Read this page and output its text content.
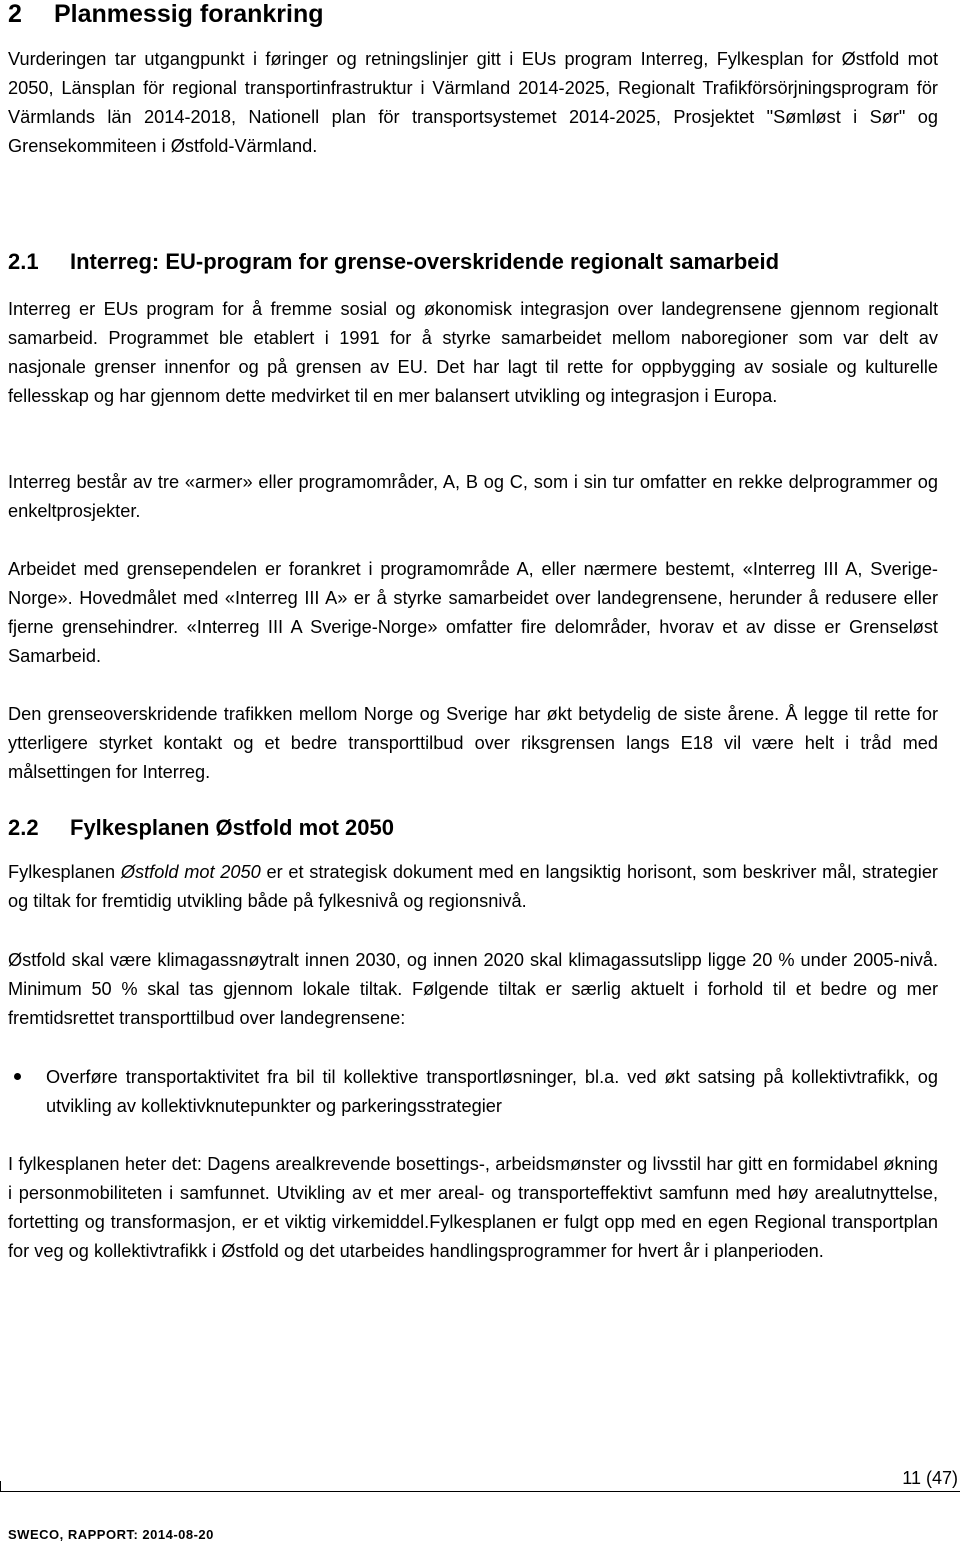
2 Planmessig forankring

Vurderingen tar utgangpunkt i føringer og retningslinjer gitt i EUs program Interreg, Fylkesplan for Østfold mot 2050, Länsplan för regional transportinfrastruktur i Värmland 2014-2025, Regionalt Trafikförsörjningsprogram för Värmlands län 2014-2018, Nationell plan för transportsystemet 2014-2025, Prosjektet "Sømløst i Sør" og Grensekommiteen i Østfold-Värmland.

2.1 Interreg: EU-program for grense-overskridende regionalt samarbeid

Interreg er EUs program for å fremme sosial og økonomisk integrasjon over landegrensene gjennom regionalt samarbeid. Programmet ble etablert i 1991 for å styrke samarbeidet mellom naboregioner som var delt av nasjonale grenser innenfor og på grensen av EU. Det har lagt til rette for oppbygging av sosiale og kulturelle fellesskap og har gjennom dette medvirket til en mer balansert utvikling og integrasjon i Europa.

Interreg består av tre «armer» eller programområder, A, B og C, som i sin tur omfatter en rekke delprogrammer og enkeltprosjekter.

Arbeidet med grensependelen er forankret i programområde A, eller nærmere bestemt, «Interreg III A, Sverige-Norge». Hovedmålet med «Interreg III A» er å styrke samarbeidet over landegrensene, herunder å redusere eller fjerne grensehindrer. «Interreg III A Sverige-Norge» omfatter fire delområder, hvorav et av disse er Grenseløst Samarbeid.

Den grenseoverskridende trafikken mellom Norge og Sverige har økt betydelig de siste årene. Å legge til rette for ytterligere styrket kontakt og et bedre transporttilbud over riksgrensen langs E18 vil være helt i tråd med målsettingen for Interreg.

2.2 Fylkesplanen Østfold mot 2050

Fylkesplanen Østfold mot 2050 er et strategisk dokument med en langsiktig horisont, som beskriver mål, strategier og tiltak for fremtidig utvikling både på fylkesnivå og regionsnivå.

Østfold skal være klimagassnøytralt innen 2030, og innen 2020 skal klimagassutslipp ligge 20 % under 2005-nivå. Minimum 50 % skal tas gjennom lokale tiltak. Følgende tiltak er særlig aktuelt i forhold til et bedre og mer fremtidsrettet transporttilbud over landegrensene:

Overføre transportaktivitet fra bil til kollektive transportløsninger, bl.a. ved økt satsing på kollektivtrafikk, og utvikling av kollektivknutepunkter og parkeringsstrategier

I fylkesplanen heter det: Dagens arealkrevende bosettings-, arbeidsmønster og livsstil har gitt en formidabel økning i personmobiliteten i samfunnet. Utvikling av et mer areal- og transporteffektivt samfunn med høy arealutnyttelse, fortetting og transformasjon, er et viktig virkemiddel.Fylkesplanen er fulgt opp med en egen Regional transportplan for veg og kollektivtrafikk i Østfold og det utarbeides handlingsprogrammer for hvert år i planperioden.

11 (47)
SWECO, RAPPORT: 2014-08-20
